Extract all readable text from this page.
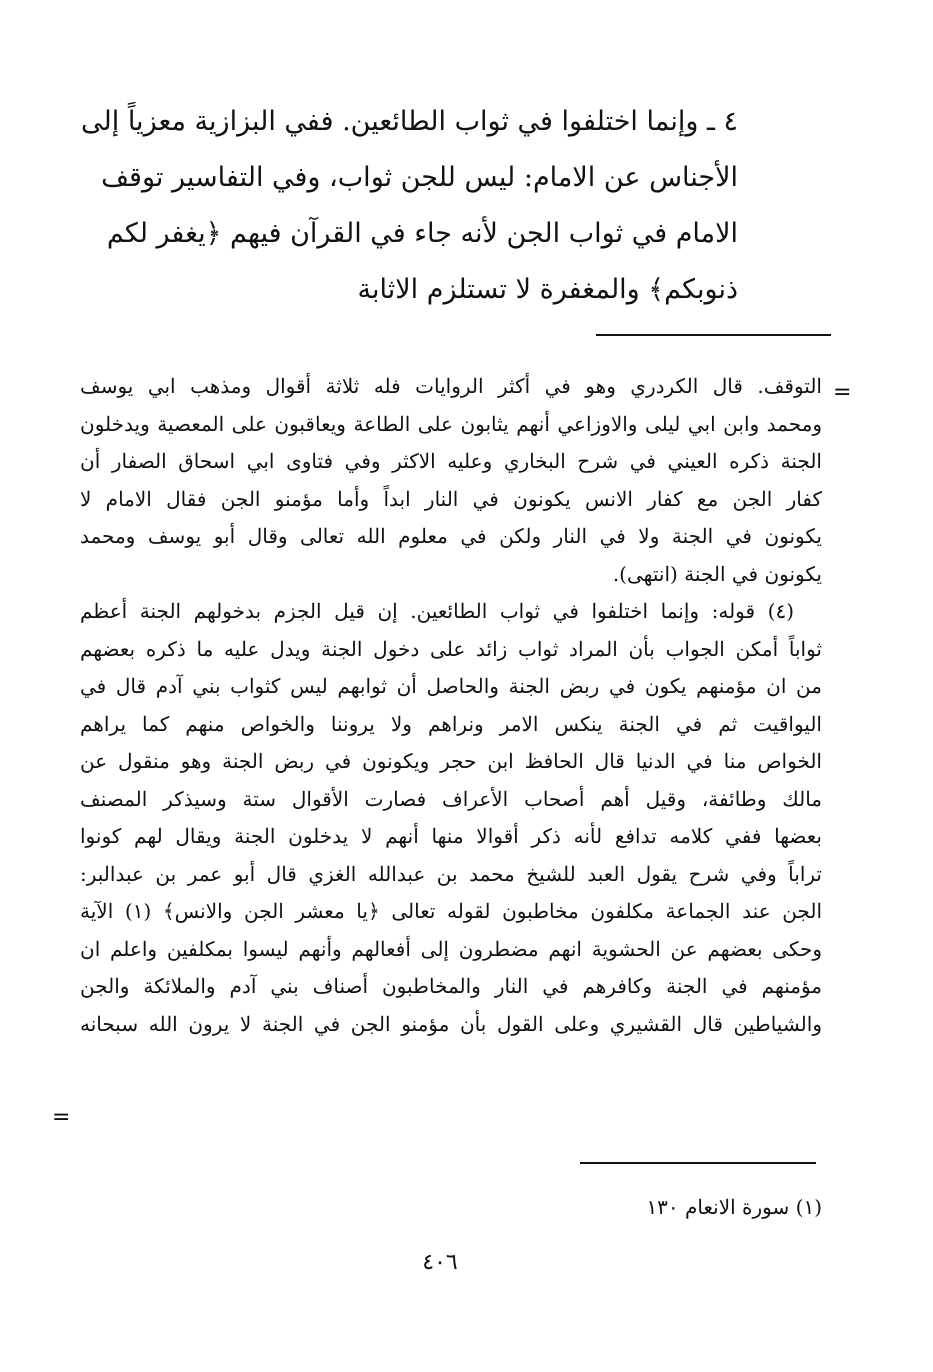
٤ ـ وإنما اختلفوا في ثواب الطائعين. ففي البزازية معزياً إلى
الأجناس عن الامام: ليس للجن ثواب، وفي التفاسير توقف
الامام في ثواب الجن لأنه جاء في القرآن فيهم ﴿يغفر لكم
ذنوبكم﴾ والمغفرة لا تستلزم الاثابة
=
التوقف. قال الكردري وهو في أكثر الروايات فله ثلاثة أقوال ومذهب ابي يوسف
ومحمد وابن ابي ليلى والاوزاعي أنهم يثابون على الطاعة ويعاقبون على المعصية ويدخلون
الجنة ذكره العيني في شرح البخاري وعليه الاكثر وفي فتاوى ابي اسحاق الصفار أن
كفار الجن مع كفار الانس يكونون في النار ابداً وأما مؤمنو الجن فقال الامام لا
يكونون في الجنة ولا في النار ولكن في معلوم الله تعالى وقال أبو يوسف ومحمد
يكونون في الجنة (انتهى).
(٤) قوله: وإنما اختلفوا في ثواب الطائعين. إن قيل الجزم بدخولهم الجنة أعظم
ثواباً أمكن الجواب بأن المراد ثواب زائد على دخول الجنة ويدل عليه ما ذكره بعضهم
من ان مؤمنهم يكون في ربض الجنة والحاصل أن ثوابهم ليس كثواب بني آدم قال في
اليواقيت ثم في الجنة ينكس الامر ونراهم ولا يروننا والخواص منهم كما يراهم
الخواص منا في الدنيا قال الحافظ ابن حجر ويكونون في ربض الجنة وهو منقول عن
مالك وطائفة، وقيل أهم أصحاب الأعراف فصارت الأقوال ستة وسيذكر المصنف
بعضها ففي كلامه تدافع لأنه ذكر أقوالا منها أنهم لا يدخلون الجنة ويقال لهم كونوا
تراباً وفي شرح يقول العبد للشيخ محمد بن عبدالله الغزي قال أبو عمر بن عبدالبر:
الجن عند الجماعة مكلفون مخاطبون لقوله تعالى ﴿يا معشر الجن والانس﴾ (١) الآية
وحكى بعضهم عن الحشوية انهم مضطرون إلى أفعالهم وأنهم ليسوا بمكلفين واعلم ان
مؤمنهم في الجنة وكافرهم في النار والمخاطبون أصناف بني آدم والملائكة والجن
والشياطين قال القشيري وعلى القول بأن مؤمنو الجن في الجنة لا يرون الله سبحانه
=
(١) سورة الانعام ١٣٠
٤٠٦
